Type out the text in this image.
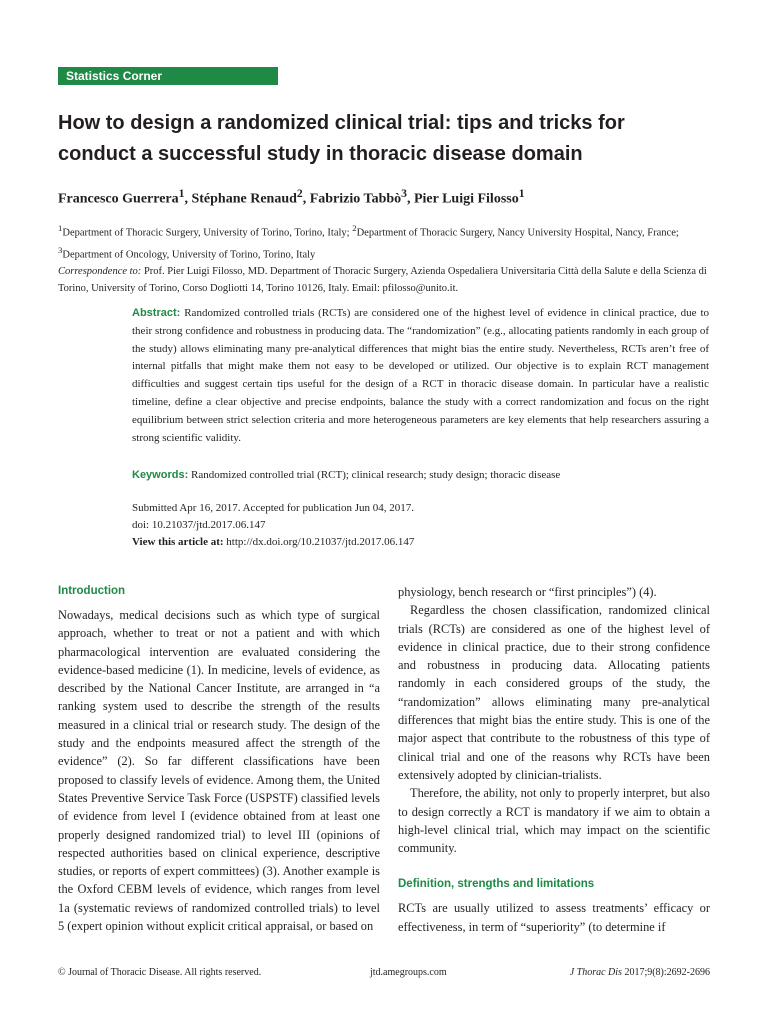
Statistics Corner
How to design a randomized clinical trial: tips and tricks for conduct a successful study in thoracic disease domain
Francesco Guerrera$^1$, Stéphane Renaud$^2$, Fabrizio Tabbò$^3$, Pier Luigi Filosso$^1$
$^1$Department of Thoracic Surgery, University of Torino, Torino, Italy; $^2$Department of Thoracic Surgery, Nancy University Hospital, Nancy, France;
$^3$Department of Oncology, University of Torino, Torino, Italy
Correspondence to: Prof. Pier Luigi Filosso, MD. Department of Thoracic Surgery, Azienda Ospedaliera Universitaria Città della Salute e della Scienza di Torino, University of Torino, Corso Dogliotti 14, Torino 10126, Italy. Email: pfilosso@unito.it.
Abstract: Randomized controlled trials (RCTs) are considered one of the highest level of evidence in clinical practice, due to their strong confidence and robustness in producing data. The “randomization” (e.g., allocating patients randomly in each group of the study) allows eliminating many pre-analytical differences that might bias the entire study. Nevertheless, RCTs aren’t free of internal pitfalls that might make them not easy to be developed or utilized. Our objective is to explain RCT management difficulties and suggest certain tips useful for the design of a RCT in thoracic disease domain. In particular have a realistic timeline, define a clear objective and precise endpoints, balance the study with a correct randomization and focus on the right equilibrium between strict selection criteria and more heterogeneous parameters are key elements that help researchers assuring a strong scientific validity.
Keywords: Randomized controlled trial (RCT); clinical research; study design; thoracic disease
Submitted Apr 16, 2017. Accepted for publication Jun 04, 2017.
doi: 10.21037/jtd.2017.06.147
View this article at: http://dx.doi.org/10.21037/jtd.2017.06.147
Introduction

Nowadays, medical decisions such as which type of surgical approach, whether to treat or not a patient and with which pharmacological intervention are evaluated considering the evidence-based medicine (1). In medicine, levels of evidence, as described by the National Cancer Institute, are arranged in “a ranking system used to describe the strength of the results measured in a clinical trial or research study. The design of the study and the endpoints measured affect the strength of the evidence” (2). So far different classifications have been proposed to classify levels of evidence. Among them, the United States Preventive Service Task Force (USPSTF) classified levels of evidence from level I (evidence obtained from at least one properly designed randomized trial) to level III (opinions of respected authorities based on clinical experience, descriptive studies, or reports of expert committees) (3). Another example is the Oxford CEBM levels of evidence, which ranges from level 1a (systematic reviews of randomized controlled trials) to level 5 (expert opinion without explicit critical appraisal, or based on

physiology, bench research or “first principles”) (4).

Regardless the chosen classification, randomized clinical trials (RCTs) are considered as one of the highest level of evidence in clinical practice, due to their strong confidence and robustness in producing data. Allocating patients randomly in each considered groups of the study, the “randomization” allows eliminating many pre-analytical differences that might bias the entire study. This is one of the major aspect that contribute to the robustness of this type of clinical trial and one of the reasons why RCTs have been extensively adopted by clinician-trialists.

Therefore, the ability, not only to properly interpret, but also to design correctly a RCT is mandatory if we aim to obtain a high-level clinical trial, which may impact on the scientific community.

Definition, strengths and limitations

RCTs are usually utilized to assess treatments’ efficacy or effectiveness, in term of “superiority” (to determine if

© Journal of Thoracic Disease. All rights reserved.	jtd.amegroups.com	J Thorac Dis 2017;9(8):2692-2696
